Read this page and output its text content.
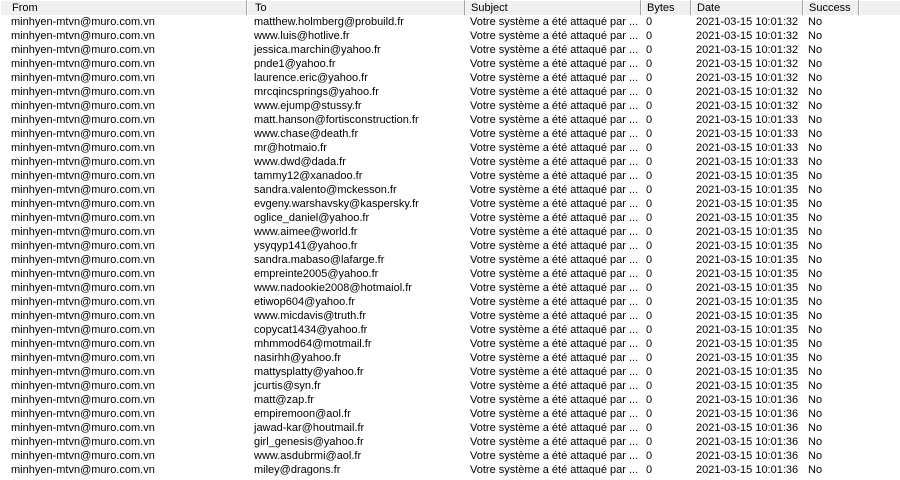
From	To	Subject	Bytes	Date	Success
minhyen-mtvn@muro.com.vn	matthew.holmberg@probuild.fr	Votre système a été attaqué par ... 0	2021-03-15 10:01:32 No
minhyen-mtvn@muro.com.vn	www.luis@hotlive.fr	Votre système a été attaqué par ... 0	2021-03-15 10:01:32 No
minhyen-mtvn@muro.com.vn	jessica.marchin@yahoo.fr	Votre système a été attaqué par ... 0	2021-03-15 10:01:32 No
minhyen-mtvn@muro.com.vn	pnde1@yahoo.fr	Votre système a été attaqué par ... 0	2021-03-15 10:01:32 No
minhyen-mtvn@muro.com.vn	laurence.eric@yahoo.fr	Votre système a été attaqué par ... 0	2021-03-15 10:01:32 No
minhyen-mtvn@muro.com.vn	mrcqincsprings@yahoo.fr	Votre système a été attaqué par ... 0	2021-03-15 10:01:32 No
minhyen-mtvn@muro.com.vn	www.ejump@stussy.fr	Votre système a été attaqué par ... 0	2021-03-15 10:01:32 No
minhyen-mtvn@muro.com.vn	matt.hanson@fortisconstruction.fr	Votre système a été attaqué par ... 0	2021-03-15 10:01:33 No
minhyen-mtvn@muro.com.vn	www.chase@death.fr	Votre système a été attaqué par ... 0	2021-03-15 10:01:33 No
minhyen-mtvn@muro.com.vn	mr@hotmaio.fr	Votre système a été attaqué par ... 0	2021-03-15 10:01:33 No
minhyen-mtvn@muro.com.vn	www.dwd@dada.fr	Votre système a été attaqué par ... 0	2021-03-15 10:01:33 No
minhyen-mtvn@muro.com.vn	tammy12@xanadoo.fr	Votre système a été attaqué par ... 0	2021-03-15 10:01:35 No
minhyen-mtvn@muro.com.vn	sandra.valento@mckesson.fr	Votre système a été attaqué par ... 0	2021-03-15 10:01:35 No
minhyen-mtvn@muro.com.vn	evgeny.warshavsky@kaspersky.fr	Votre système a été attaqué par ... 0	2021-03-15 10:01:35 No
minhyen-mtvn@muro.com.vn	oglice_daniel@yahoo.fr	Votre système a été attaqué par ... 0	2021-03-15 10:01:35 No
minhyen-mtvn@muro.com.vn	www.aimee@world.fr	Votre système a été attaqué par ... 0	2021-03-15 10:01:35 No
minhyen-mtvn@muro.com.vn	ysyqyp141@yahoo.fr	Votre système a été attaqué par ... 0	2021-03-15 10:01:35 No
minhyen-mtvn@muro.com.vn	sandra.mabaso@lafarge.fr	Votre système a été attaqué par ... 0	2021-03-15 10:01:35 No
minhyen-mtvn@muro.com.vn	empreinte2005@yahoo.fr	Votre système a été attaqué par ... 0	2021-03-15 10:01:35 No
minhyen-mtvn@muro.com.vn	www.nadookie2008@hotmaiol.fr	Votre système a été attaqué par ... 0	2021-03-15 10:01:35 No
minhyen-mtvn@muro.com.vn	etiwop604@yahoo.fr	Votre système a été attaqué par ... 0	2021-03-15 10:01:35 No
minhyen-mtvn@muro.com.vn	www.micdavis@truth.fr	Votre système a été attaqué par ... 0	2021-03-15 10:01:35 No
minhyen-mtvn@muro.com.vn	copycat1434@yahoo.fr	Votre système a été attaqué par ... 0	2021-03-15 10:01:35 No
minhyen-mtvn@muro.com.vn	mhmmod64@motmail.fr	Votre système a été attaqué par ... 0	2021-03-15 10:01:35 No
minhyen-mtvn@muro.com.vn	nasirhh@yahoo.fr	Votre système a été attaqué par ... 0	2021-03-15 10:01:35 No
minhyen-mtvn@muro.com.vn	mattysplatty@yahoo.fr	Votre système a été attaqué par ... 0	2021-03-15 10:01:35 No
minhyen-mtvn@muro.com.vn	jcurtis@syn.fr	Votre système a été attaqué par ... 0	2021-03-15 10:01:35 No
minhyen-mtvn@muro.com.vn	matt@zap.fr	Votre système a été attaqué par ... 0	2021-03-15 10:01:36 No
minhyen-mtvn@muro.com.vn	empiremoon@aol.fr	Votre système a été attaqué par ... 0	2021-03-15 10:01:36 No
minhyen-mtvn@muro.com.vn	jawad-kar@houtmail.fr	Votre système a été attaqué par ... 0	2021-03-15 10:01:36 No
minhyen-mtvn@muro.com.vn	girl_genesis@yahoo.fr	Votre système a été attaqué par ... 0	2021-03-15 10:01:36 No
minhyen-mtvn@muro.com.vn	www.asdubrmi@aol.fr	Votre système a été attaqué par ... 0	2021-03-15 10:01:36 No
minhyen-mtvn@muro.com.vn	miley@dragons.fr	Votre système a été attaqué par ... 0	2021-03-15 10:01:36 No
